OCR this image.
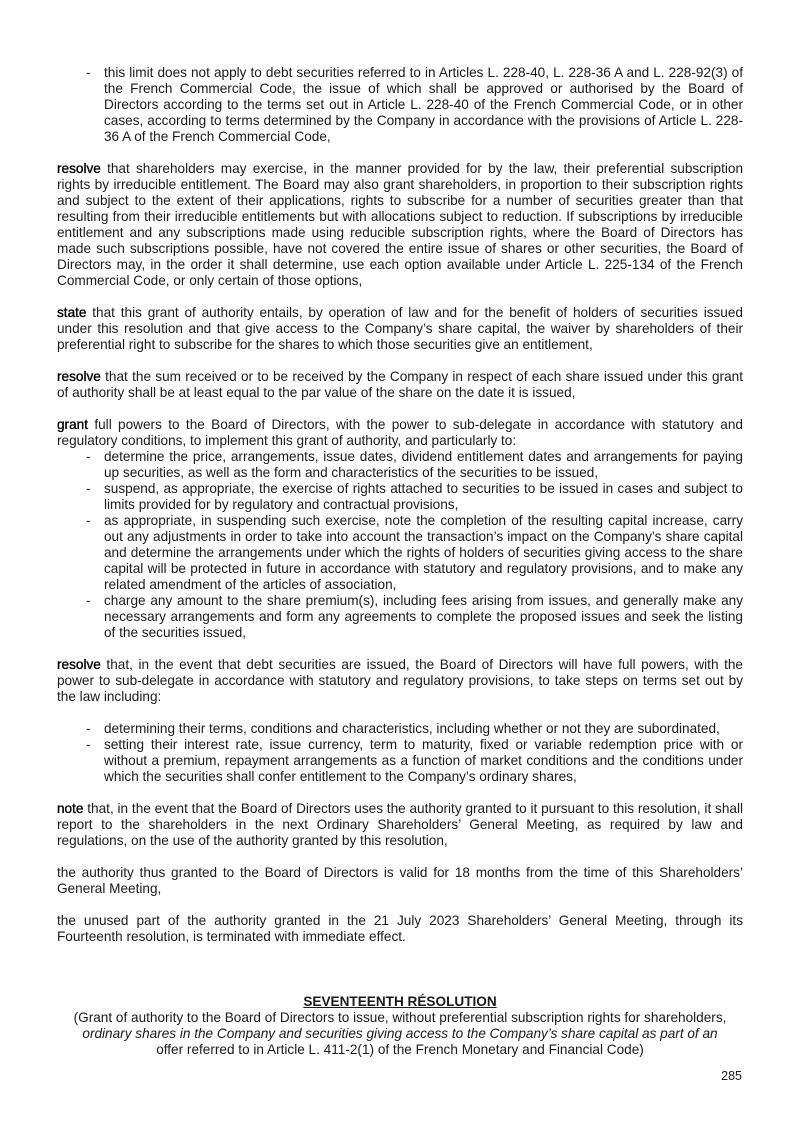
- this limit does not apply to debt securities referred to in Articles L. 228-40, L. 228-36 A and L. 228-92(3) of the French Commercial Code, the issue of which shall be approved or authorised by the Board of Directors according to the terms set out in Article L. 228-40 of the French Commercial Code, or in other cases, according to terms determined by the Company in accordance with the provisions of Article L. 228-36 A of the French Commercial Code,

resolve that shareholders may exercise, in the manner provided for by the law, their preferential subscription rights by irreducible entitlement. The Board may also grant shareholders, in proportion to their subscription rights and subject to the extent of their applications, rights to subscribe for a number of securities greater than that resulting from their irreducible entitlements but with allocations subject to reduction. If subscriptions by irreducible entitlement and any subscriptions made using reducible subscription rights, where the Board of Directors has made such subscriptions possible, have not covered the entire issue of shares or other securities, the Board of Directors may, in the order it shall determine, use each option available under Article L. 225-134 of the French Commercial Code, or only certain of those options,

state that this grant of authority entails, by operation of law and for the benefit of holders of securities issued under this resolution and that give access to the Company’s share capital, the waiver by shareholders of their preferential right to subscribe for the shares to which those securities give an entitlement,

resolve that the sum received or to be received by the Company in respect of each share issued under this grant of authority shall be at least equal to the par value of the share on the date it is issued,

grant full powers to the Board of Directors, with the power to sub-delegate in accordance with statutory and regulatory conditions, to implement this grant of authority, and particularly to:

- determine the price, arrangements, issue dates, dividend entitlement dates and arrangements for paying up securities, as well as the form and characteristics of the securities to be issued,
- suspend, as appropriate, the exercise of rights attached to securities to be issued in cases and subject to limits provided for by regulatory and contractual provisions,
- as appropriate, in suspending such exercise, note the completion of the resulting capital increase, carry out any adjustments in order to take into account the transaction’s impact on the Company’s share capital and determine the arrangements under which the rights of holders of securities giving access to the share capital will be protected in future in accordance with statutory and regulatory provisions, and to make any related amendment of the articles of association,
- charge any amount to the share premium(s), including fees arising from issues, and generally make any necessary arrangements and form any agreements to complete the proposed issues and seek the listing of the securities issued,

resolve that, in the event that debt securities are issued, the Board of Directors will have full powers, with the power to sub-delegate in accordance with statutory and regulatory provisions, to take steps on terms set out by the law including:

- determining their terms, conditions and characteristics, including whether or not they are subordinated,
- setting their interest rate, issue currency, term to maturity, fixed or variable redemption price with or without a premium, repayment arrangements as a function of market conditions and the conditions under which the securities shall confer entitlement to the Company’s ordinary shares,

note that, in the event that the Board of Directors uses the authority granted to it pursuant to this resolution, it shall report to the shareholders in the next Ordinary Shareholders’ General Meeting, as required by law and regulations, on the use of the authority granted by this resolution,

the authority thus granted to the Board of Directors is valid for 18 months from the time of this Shareholders’ General Meeting,

the unused part of the authority granted in the 21 July 2023 Shareholders’ General Meeting, through its Fourteenth resolution, is terminated with immediate effect.

SEVENTEENTH RÉSOLUTION
(Grant of authority to the Board of Directors to issue, without preferential subscription rights for shareholders,
ordinary shares in the Company and securities giving access to the Company’s share capital as part of an
offer referred to in Article L. 411-2(1) of the French Monetary and Financial Code)
285
